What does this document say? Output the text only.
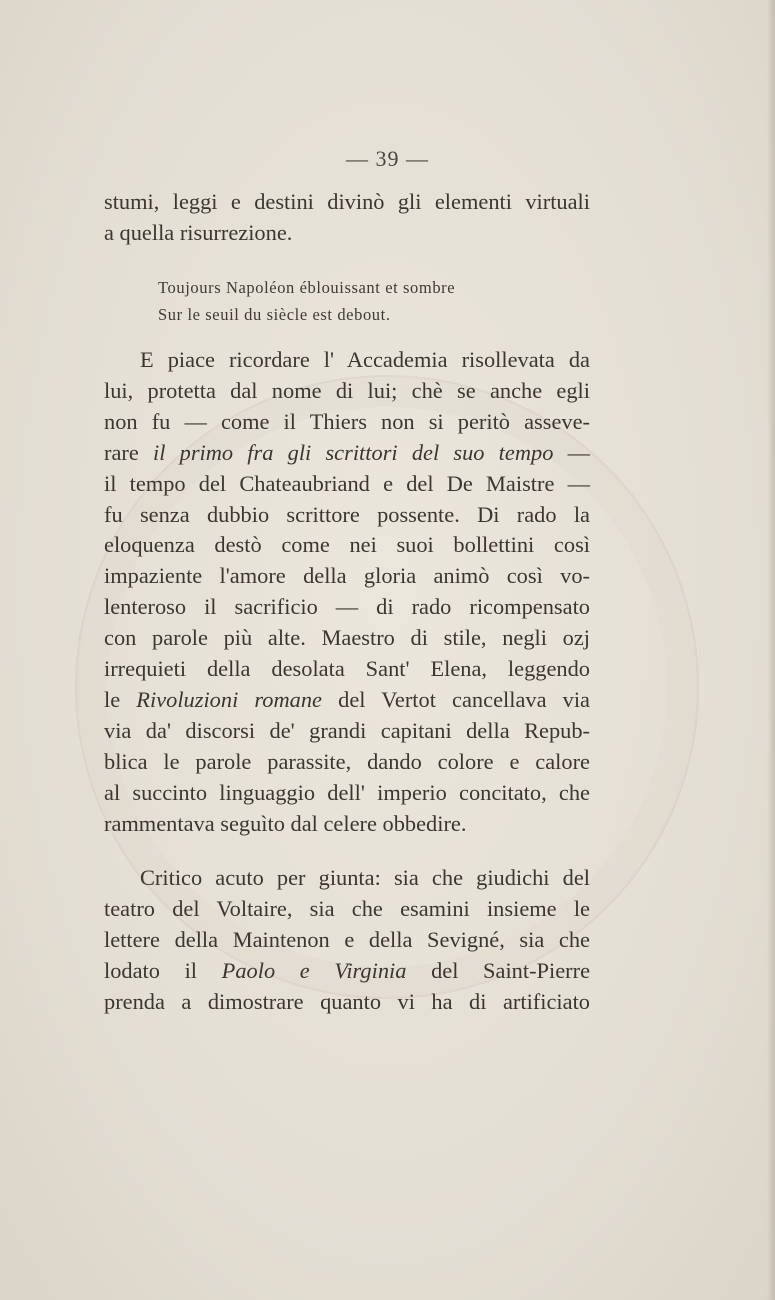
— 39 —
stumi, leggi e destini divinò gli elementi virtuali
a quella risurrezione.
Toujours Napoléon éblouissant et sombre
Sur le seuil du siècle est debout.
E piace ricordare l' Accademia risollevata da
lui, protetta dal nome di lui; chè se anche egli
non fu — come il Thiers non si peritò asseve-
rare il primo fra gli scrittori del suo tempo —
il tempo del Chateaubriand e del De Maistre —
fu senza dubbio scrittore possente. Di rado la
eloquenza destò come nei suoi bollettini così
impaziente l'amore della gloria animò così vo-
lenteroso il sacrificio — di rado ricompensato
con parole più alte. Maestro di stile, negli ozj
irrequieti della desolata Sant' Elena, leggendo
le Rivoluzioni romane del Vertot cancellava via
via da' discorsi de' grandi capitani della Repub-
blica le parole parassite, dando colore e calore
al succinto linguaggio dell' imperio concitato, che
rammentava seguìto dal celere obbedire.
Critico acuto per giunta: sia che giudichi del
teatro del Voltaire, sia che esamini insieme le
lettere della Maintenon e della Sevigné, sia che
lodato il Paolo e Virginia del Saint-Pierre
prenda a dimostrare quanto vi ha di artificiato
